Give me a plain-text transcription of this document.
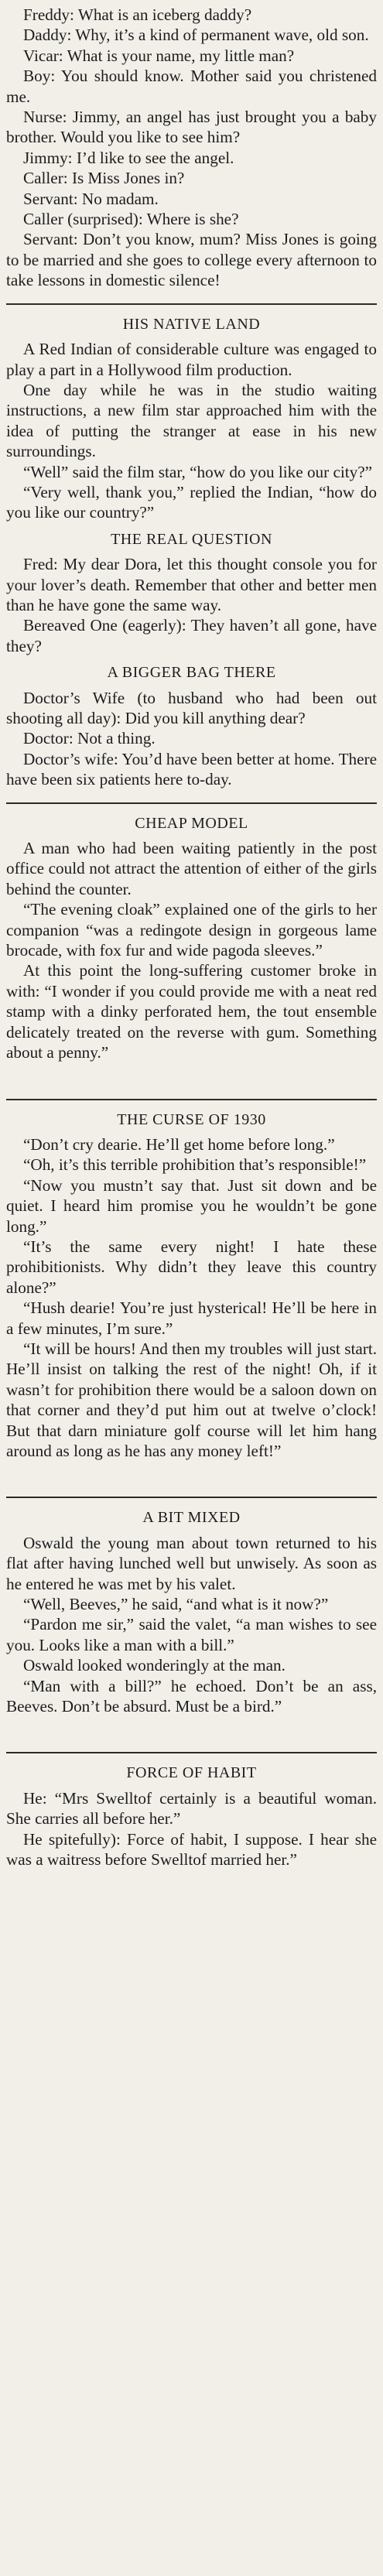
Freddy: What is an iceberg daddy?

Daddy: Why, it’s a kind of permanent wave, old son.

Vicar: What is your name, my little man?

Boy: You should know. Mother said you christened me.

Nurse: Jimmy, an angel has just brought you a baby brother. Would you like to see him?

Jimmy: I’d like to see the angel.

Caller: Is Miss Jones in?

Servant: No madam.

Caller (surprised): Where is she?

Servant: Don’t you know, mum? Miss Jones is going to be married and she goes to college every afternoon to take lessons in domestic silence!

HIS NATIVE LAND

A Red Indian of considerable culture was engaged to play a part in a Hollywood film production.

One day while he was in the studio waiting instructions, a new film star approached him with the idea of putting the stranger at ease in his new surroundings.

“Well” said the film star, “how do you like our city?”

“Very well, thank you,” replied the Indian, “how do you like our country?”

THE REAL QUESTION

Fred: My dear Dora, let this thought console you for your lover’s death. Remember that other and better men than he have gone the same way.

Bereaved One (eagerly): They haven’t all gone, have they?

A BIGGER BAG THERE

Doctor’s Wife (to husband who had been out shooting all day): Did you kill anything dear?

Doctor: Not a thing.

Doctor’s wife: You’d have been better at home. There have been six patients here to-day.

CHEAP MODEL

A man who had been waiting patiently in the post office could not attract the attention of either of the girls behind the counter.

“The evening cloak” explained one of the girls to her companion “was a redingote design in gorgeous lame brocade, with fox fur and wide pagoda sleeves.”

At this point the long-suffering customer broke in with: “I wonder if you could provide me with a neat red stamp with a dinky perforated hem, the tout ensemble delicately treated on the reverse with gum. Something about a penny.”

THE CURSE OF 1930

“Don’t cry dearie. He’ll get home before long.”

“Oh, it’s this terrible prohibition that’s responsible!”

“Now you mustn’t say that. Just sit down and be quiet. I heard him promise you he wouldn’t be gone long.”

“It’s the same every night! I hate these prohibitionists. Why didn’t they leave this country alone?”

“Hush dearie! You’re just hysterical! He’ll be here in a few minutes, I’m sure.”

“It will be hours! And then my troubles will just start. He’ll insist on talking the rest of the night! Oh, if it wasn’t for prohibition there would be a saloon down on that corner and they’d put him out at twelve o’clock! But that darn miniature golf course will let him hang around as long as he has any money left!”

A BIT MIXED

Oswald the young man about town returned to his flat after having lunched well but unwisely. As soon as he entered he was met by his valet.

“Well, Beeves,” he said, “and what is it now?”

“Pardon me sir,” said the valet, “a man wishes to see you. Looks like a man with a bill.”

Oswald looked wonderingly at the man.

“Man with a bill?” he echoed. Don’t be an ass, Beeves. Don’t be absurd. Must be a bird.”

FORCE OF HABIT

He: “Mrs Swelltof certainly is a beautiful woman. She carries all before her.”

He spitefully): Force of habit, I suppose. I hear she was a waitress before Swelltof married her.”
